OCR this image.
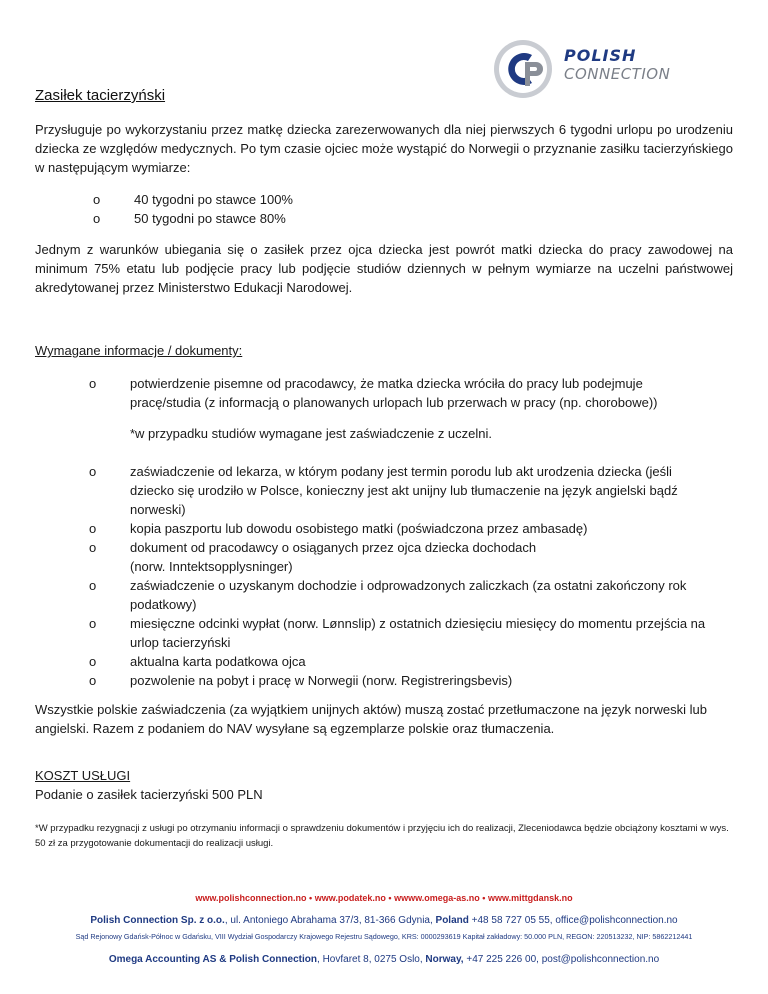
POLISH
CONNECTION
Zasiłek tacierzyński

Przysługuje po wykorzystaniu przez matkę dziecka zarezerwowanych dla niej pierwszych 6 tygodni urlopu po urodzeniu dziecka ze względów medycznych. Po tym czasie ojciec może wystąpić do Norwegii o przyznanie zasiłku tacierzyńskiego w następującym wymiarze:

o	40 tygodni po stawce 100%
o	50 tygodni po stawce 80%

Jednym z warunków ubiegania się o zasiłek przez ojca dziecka jest powrót matki dziecka do pracy zawodowej na minimum 75% etatu lub podjęcie pracy lub podjęcie studiów dziennych w pełnym wymiarze na uczelni państwowej akredytowanej przez Ministerstwo Edukacji Narodowej.

Wymagane informacje / dokumenty:
o	potwierdzenie pisemne od pracodawcy, że matka dziecka wróciła do pracy lub podejmuje pracę/studia (z informacją o planowanych urlopach lub przerwach w pracy (np. chorobowe))
*w przypadku studiów wymagane jest zaświadczenie z uczelni.
o	zaświadczenie od lekarza, w którym podany jest termin porodu lub akt urodzenia dziecka (jeśli dziecko się urodziło w Polsce, konieczny jest akt unijny lub tłumaczenie na język angielski bądź norweski)
o	kopia paszportu lub dowodu osobistego matki (poświadczona przez ambasadę)
o	dokument od pracodawcy o osiąganych przez ojca dziecka dochodach (norw. Inntektsopplysninger)
o	zaświadczenie o uzyskanym dochodzie i odprowadzonych zaliczkach (za ostatni zakończony rok podatkowy)
o	miesięczne odcinki wypłat (norw. Lønnslip) z ostatnich dziesięciu miesięcy do momentu przejścia na urlop tacierzyński
o	aktualna karta podatkowa ojca
o	pozwolenie na pobyt i pracę w Norwegii (norw. Registreringsbevis)

Wszystkie polskie zaświadczenia (za wyjątkiem unijnych aktów) muszą zostać przetłumaczone na język norweski lub angielski. Razem z podaniem do NAV wysyłane są egzemplarze polskie oraz tłumaczenia.

KOSZT USŁUGI
Podanie o zasiłek tacierzyński 500 PLN

*W przypadku rezygnacji z usługi po otrzymaniu informacji o sprawdzeniu dokumentów i przyjęciu ich do realizacji, Zleceniodawca będzie obciążony kosztami w wys. 50 zł za przygotowanie dokumentacji do realizacji usługi.

www.polishconnection.no • www.podatek.no • wwww.omega-as.no • www.mittgdansk.no
Polish Connection Sp. z o.o., ul. Antoniego Abrahama 37/3, 81-366 Gdynia, Poland +48 58 727 05 55, office@polishconnection.no
Sąd Rejonowy Gdańsk-Północ w Gdańsku, VIII Wydział Gospodarczy Krajowego Rejestru Sądowego, KRS: 0000293619 Kapitał zakładowy: 50.000 PLN, REGON: 220513232, NIP: 5862212441
Omega Accounting AS & Polish Connection, Hovfaret 8, 0275 Oslo, Norway, +47 225 226 00, post@polishconnection.no
